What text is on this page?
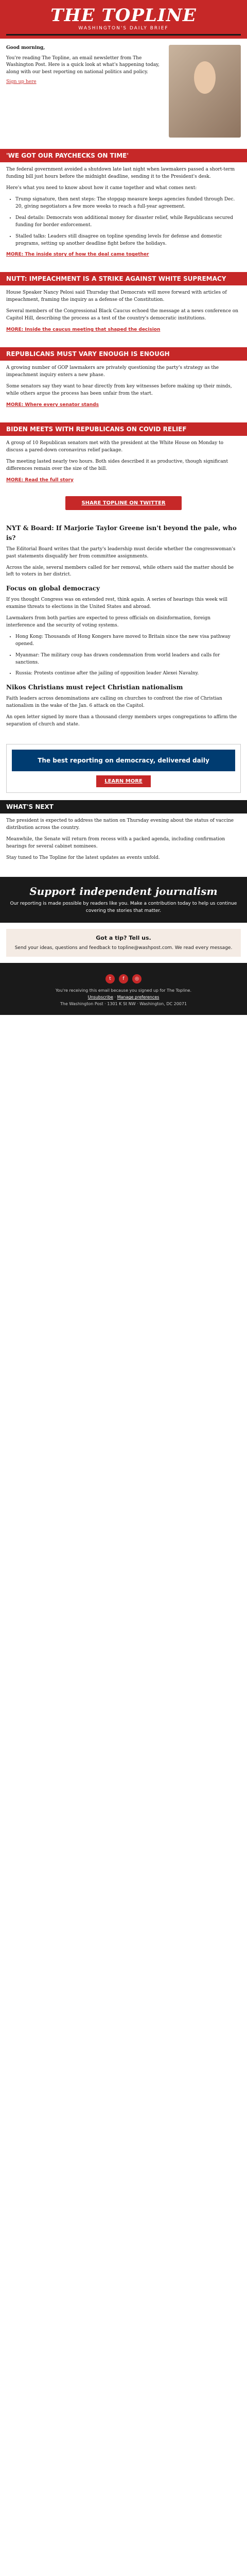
THE TOPLINE
WASHINGTON'S DAILY BRIEF

Good morning,

You're reading The Topline, an email newsletter from The Washington Post. Here is a quick look at what's happening today, along with our best reporting on national politics and policy.

Sign up here
'WE GOT OUR PAYCHECKS ON TIME'

The federal government avoided a shutdown late last night when lawmakers passed a short-term funding bill just hours before the midnight deadline, sending it to the President's desk.

Here's what you need to know about how it came together and what comes next:

• Trump signature, then next steps: The stopgap measure keeps agencies funded through Dec. 20, giving negotiators a few more weeks to reach a full-year agreement.
• Deal details: Democrats won additional money for disaster relief, while Republicans secured funding for border enforcement.
• Stalled talks: Leaders still disagree on topline spending levels for defense and domestic programs, setting up another deadline fight before the holidays.

MORE: The inside story of how the deal came together

NUTT: IMPEACHMENT IS A STRIKE AGAINST WHITE SUPREMACY

House Speaker Nancy Pelosi said Thursday that Democrats will move forward with articles of impeachment, framing the inquiry as a defense of the Constitution.

Several members of the Congressional Black Caucus echoed the message at a news conference on Capitol Hill, describing the process as a test of the country's democratic institutions.

MORE: Inside the caucus meeting that shaped the decision

REPUBLICANS MUST VARY ENOUGH IS ENOUGH

A growing number of GOP lawmakers are privately questioning the party's strategy as the impeachment inquiry enters a new phase.

Some senators say they want to hear directly from key witnesses before making up their minds, while others argue the process has been unfair from the start.

MORE: Where every senator stands

BIDEN MEETS WITH REPUBLICANS ON COVID RELIEF

A group of 10 Republican senators met with the president at the White House on Monday to discuss a pared-down coronavirus relief package.

The meeting lasted nearly two hours. Both sides described it as productive, though significant differences remain over the size of the bill.

MORE: Read the full story

SHARE TOPLINE ON TWITTER
NYT & Board: If Marjorie Taylor Greene isn't beyond the pale, who is?

The Editorial Board writes that the party's leadership must decide whether the congresswoman's past statements disqualify her from committee assignments.

Across the aisle, several members called for her removal, while others said the matter should be left to voters in her district.

Focus on global democracy

If you thought Congress was on extended rest, think again. A series of hearings this week will examine threats to elections in the United States and abroad.

Lawmakers from both parties are expected to press officials on disinformation, foreign interference and the security of voting systems.

• Hong Kong: Thousands of Hong Kongers have moved to Britain since the new visa pathway opened.
• Myanmar: The military coup has drawn condemnation from world leaders and calls for sanctions.
• Russia: Protests continue after the jailing of opposition leader Alexei Navalny.
Nikos Christians must reject Christian nationalism

Faith leaders across denominations are calling on churches to confront the rise of Christian nationalism in the wake of the Jan. 6 attack on the Capitol.

An open letter signed by more than a thousand clergy members urges congregations to affirm the separation of church and state.

The best reporting on democracy, delivered daily
LEARN MORE
WHAT'S NEXT

The president is expected to address the nation on Thursday evening about the status of vaccine distribution across the country.

Meanwhile, the Senate will return from recess with a packed agenda, including confirmation hearings for several cabinet nominees.

Stay tuned to The Topline for the latest updates as events unfold.

Support independent journalism
Our reporting is made possible by readers like you. Make a contribution today to help us continue covering the stories that matter.
Got a tip? Tell us.
Send your ideas, questions and feedback to topline@washpost.com. We read every message.
t	f	◎
You're receiving this email because you signed up for The Topline.
Unsubscribe · Manage preferences
The Washington Post · 1301 K St NW · Washington, DC 20071
